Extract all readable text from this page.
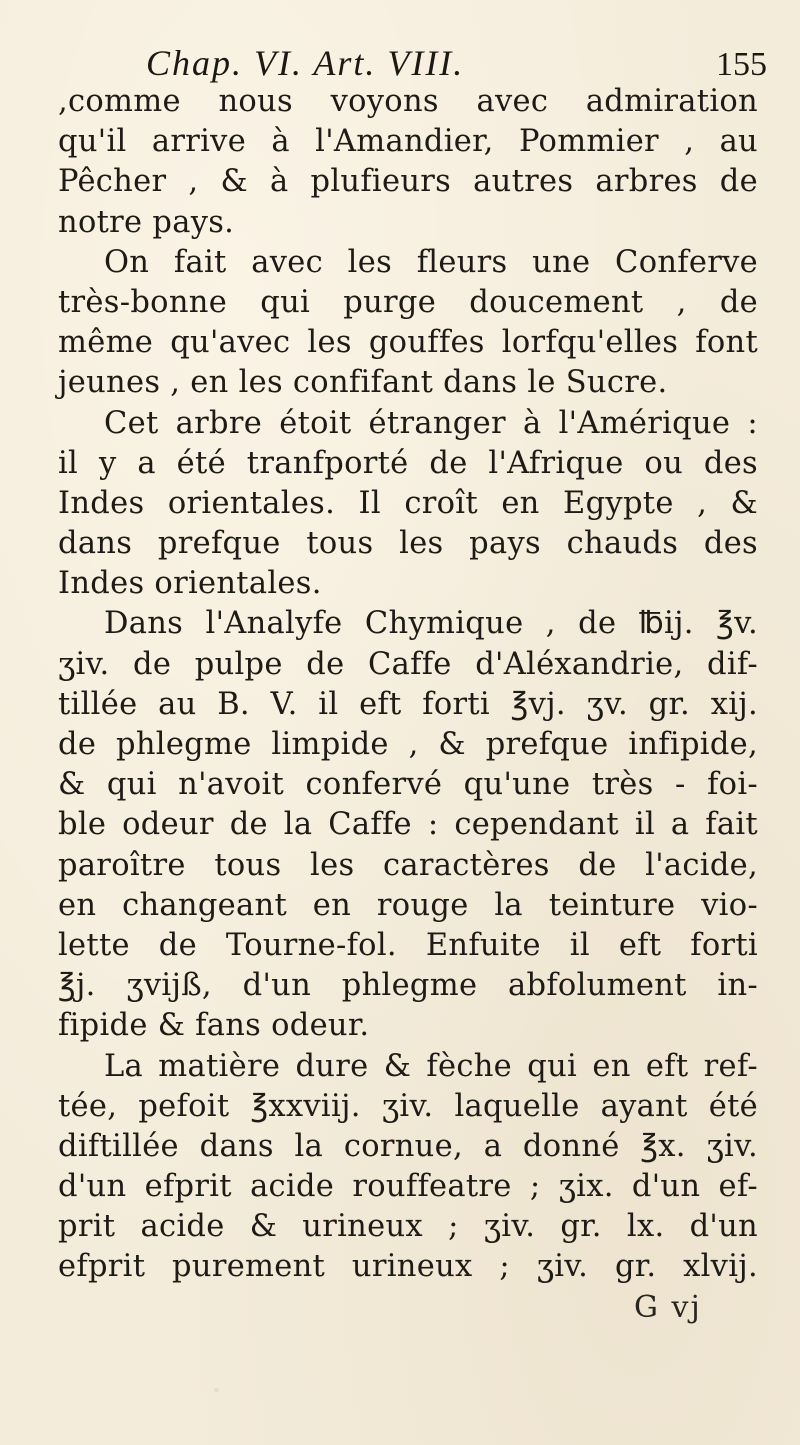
Chap. VI. Art. VIII.	155
,comme nous voyons avec admiration
qu'il arrive à l'Amandier, Pommier , au
Pêcher , & à plufieurs autres arbres de
notre pays.
On fait avec les fleurs une Conferve
très-bonne qui purge doucement , de
même qu'avec les gouffes lorfqu'elles font
jeunes , en les confifant dans le Sucre.
Cet arbre étoit étranger à l'Amérique :
il y a été tranfporté de l'Afrique ou des
Indes orientales. Il croît en Egypte , &
dans prefque tous les pays chauds des
Indes orientales.
Dans l'Analyfe Chymique , de ℔ij. ℥v.
ʒiv. de pulpe de Caffe d'Aléxandrie, dif-
tillée au B. V. il eft forti ℥vj. ʒv. gr. xij.
de phlegme limpide , & prefque infipide,
& qui n'avoit confervé qu'une très - foi-
ble odeur de la Caffe : cependant il a fait
paroître tous les caractères de l'acide,
en changeant en rouge la teinture vio-
lette de Tourne-fol. Enfuite il eft forti
℥j. ʒvijß, d'un phlegme abfolument in-
fipide & fans odeur.
La matière dure & fèche qui en eft ref-
tée, pefoit ℥xxviij. ʒiv. laquelle ayant été
diftillée dans la cornue, a donné ℥x. ʒiv.
d'un efprit acide rouffeatre ; ʒix. d'un ef-
prit acide & urineux ; ʒiv. gr. lx. d'un
efprit purement urineux ; ʒiv. gr. xlvij.
G vj
